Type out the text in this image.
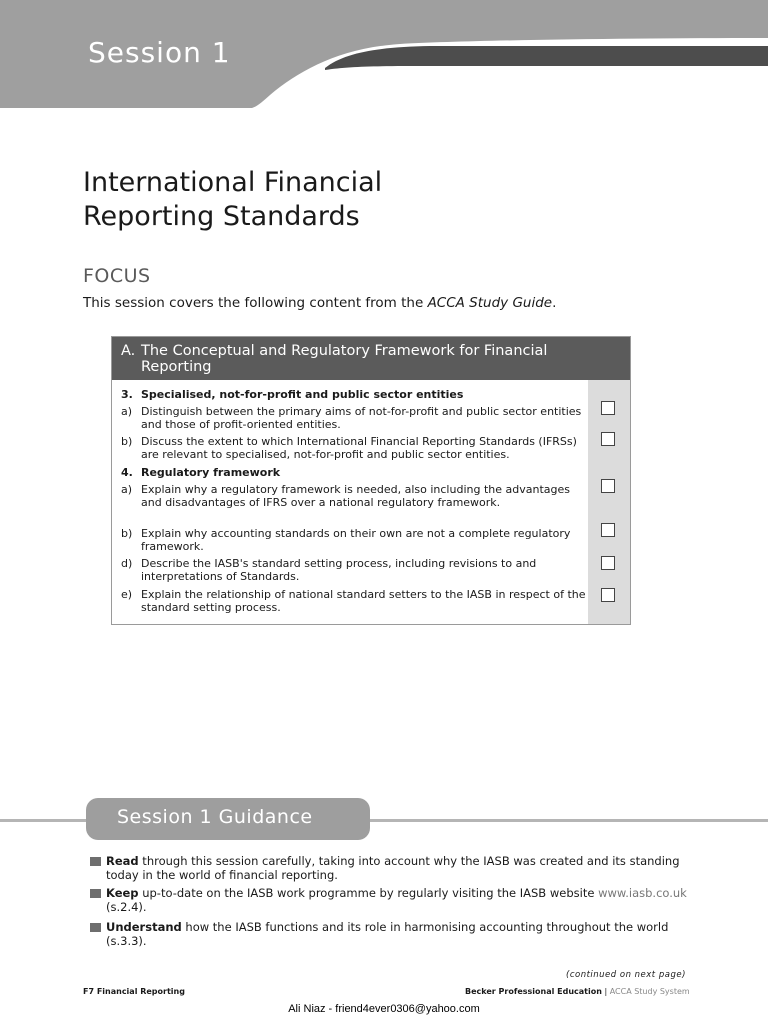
Session 1
International Financial
Reporting Standards
FOCUS
This session covers the following content from the ACCA Study Guide.
A. The Conceptual and Regulatory Framework for Financial Reporting
3. Specialised, not-for-profit and public sector entities
a) Distinguish between the primary aims of not-for-profit and public sector entities and those of profit-oriented entities.
b) Discuss the extent to which International Financial Reporting Standards (IFRSs) are relevant to specialised, not-for-profit and public sector entities.
4. Regulatory framework
a) Explain why a regulatory framework is needed, also including the advantages and disadvantages of IFRS over a national regulatory framework.
b) Explain why accounting standards on their own are not a complete regulatory framework.
d) Describe the IASB's standard setting process, including revisions to and interpretations of Standards.
e) Explain the relationship of national standard setters to the IASB in respect of the standard setting process.
Session 1 Guidance
Read through this session carefully, taking into account why the IASB was created and its standing today in the world of financial reporting.
Keep up-to-date on the IASB work programme by regularly visiting the IASB website www.iasb.co.uk (s.2.4).
Understand how the IASB functions and its role in harmonising accounting throughout the world (s.3.3).
(continued on next page)
F7 Financial Reporting	Becker Professional Education | ACCA Study System
Ali Niaz - friend4ever0306@yahoo.com
